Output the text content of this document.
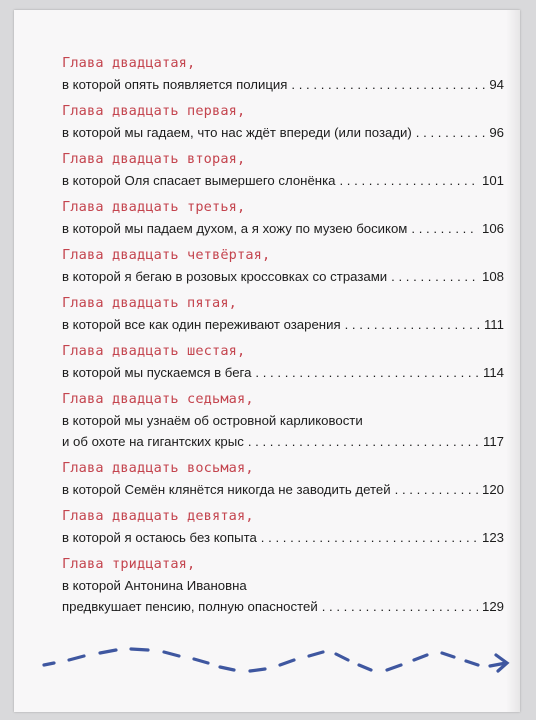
Глава двадцатая,
в которой опять появляется полиция . . .	94
Глава двадцать первая,
в которой мы гадаем, что нас ждёт впереди (или позади) . . .	96
Глава двадцать вторая,
в которой Оля спасает вымершего слонёнка . . .	101
Глава двадцать третья,
в которой мы падаем духом, а я хожу по музею босиком . . .	106
Глава двадцать четвёртая,
в которой я бегаю в розовых кроссовках со стразами . . .	108
Глава двадцать пятая,
в которой все как один переживают озарения . . .	111
Глава двадцать шестая,
в которой мы пускаемся в бега . . .	114
Глава двадцать седьмая,
в которой мы узнаём об островной карликовости
и об охоте на гигантских крыс . . .	117
Глава двадцать восьмая,
в которой Семён клянётся никогда не заводить детей . . .	120
Глава двадцать девятая,
в которой я остаюсь без копыта . . .	123
Глава тридцатая,
в которой Антонина Ивановна
предвкушает пенсию, полную опасностей . . .	129
